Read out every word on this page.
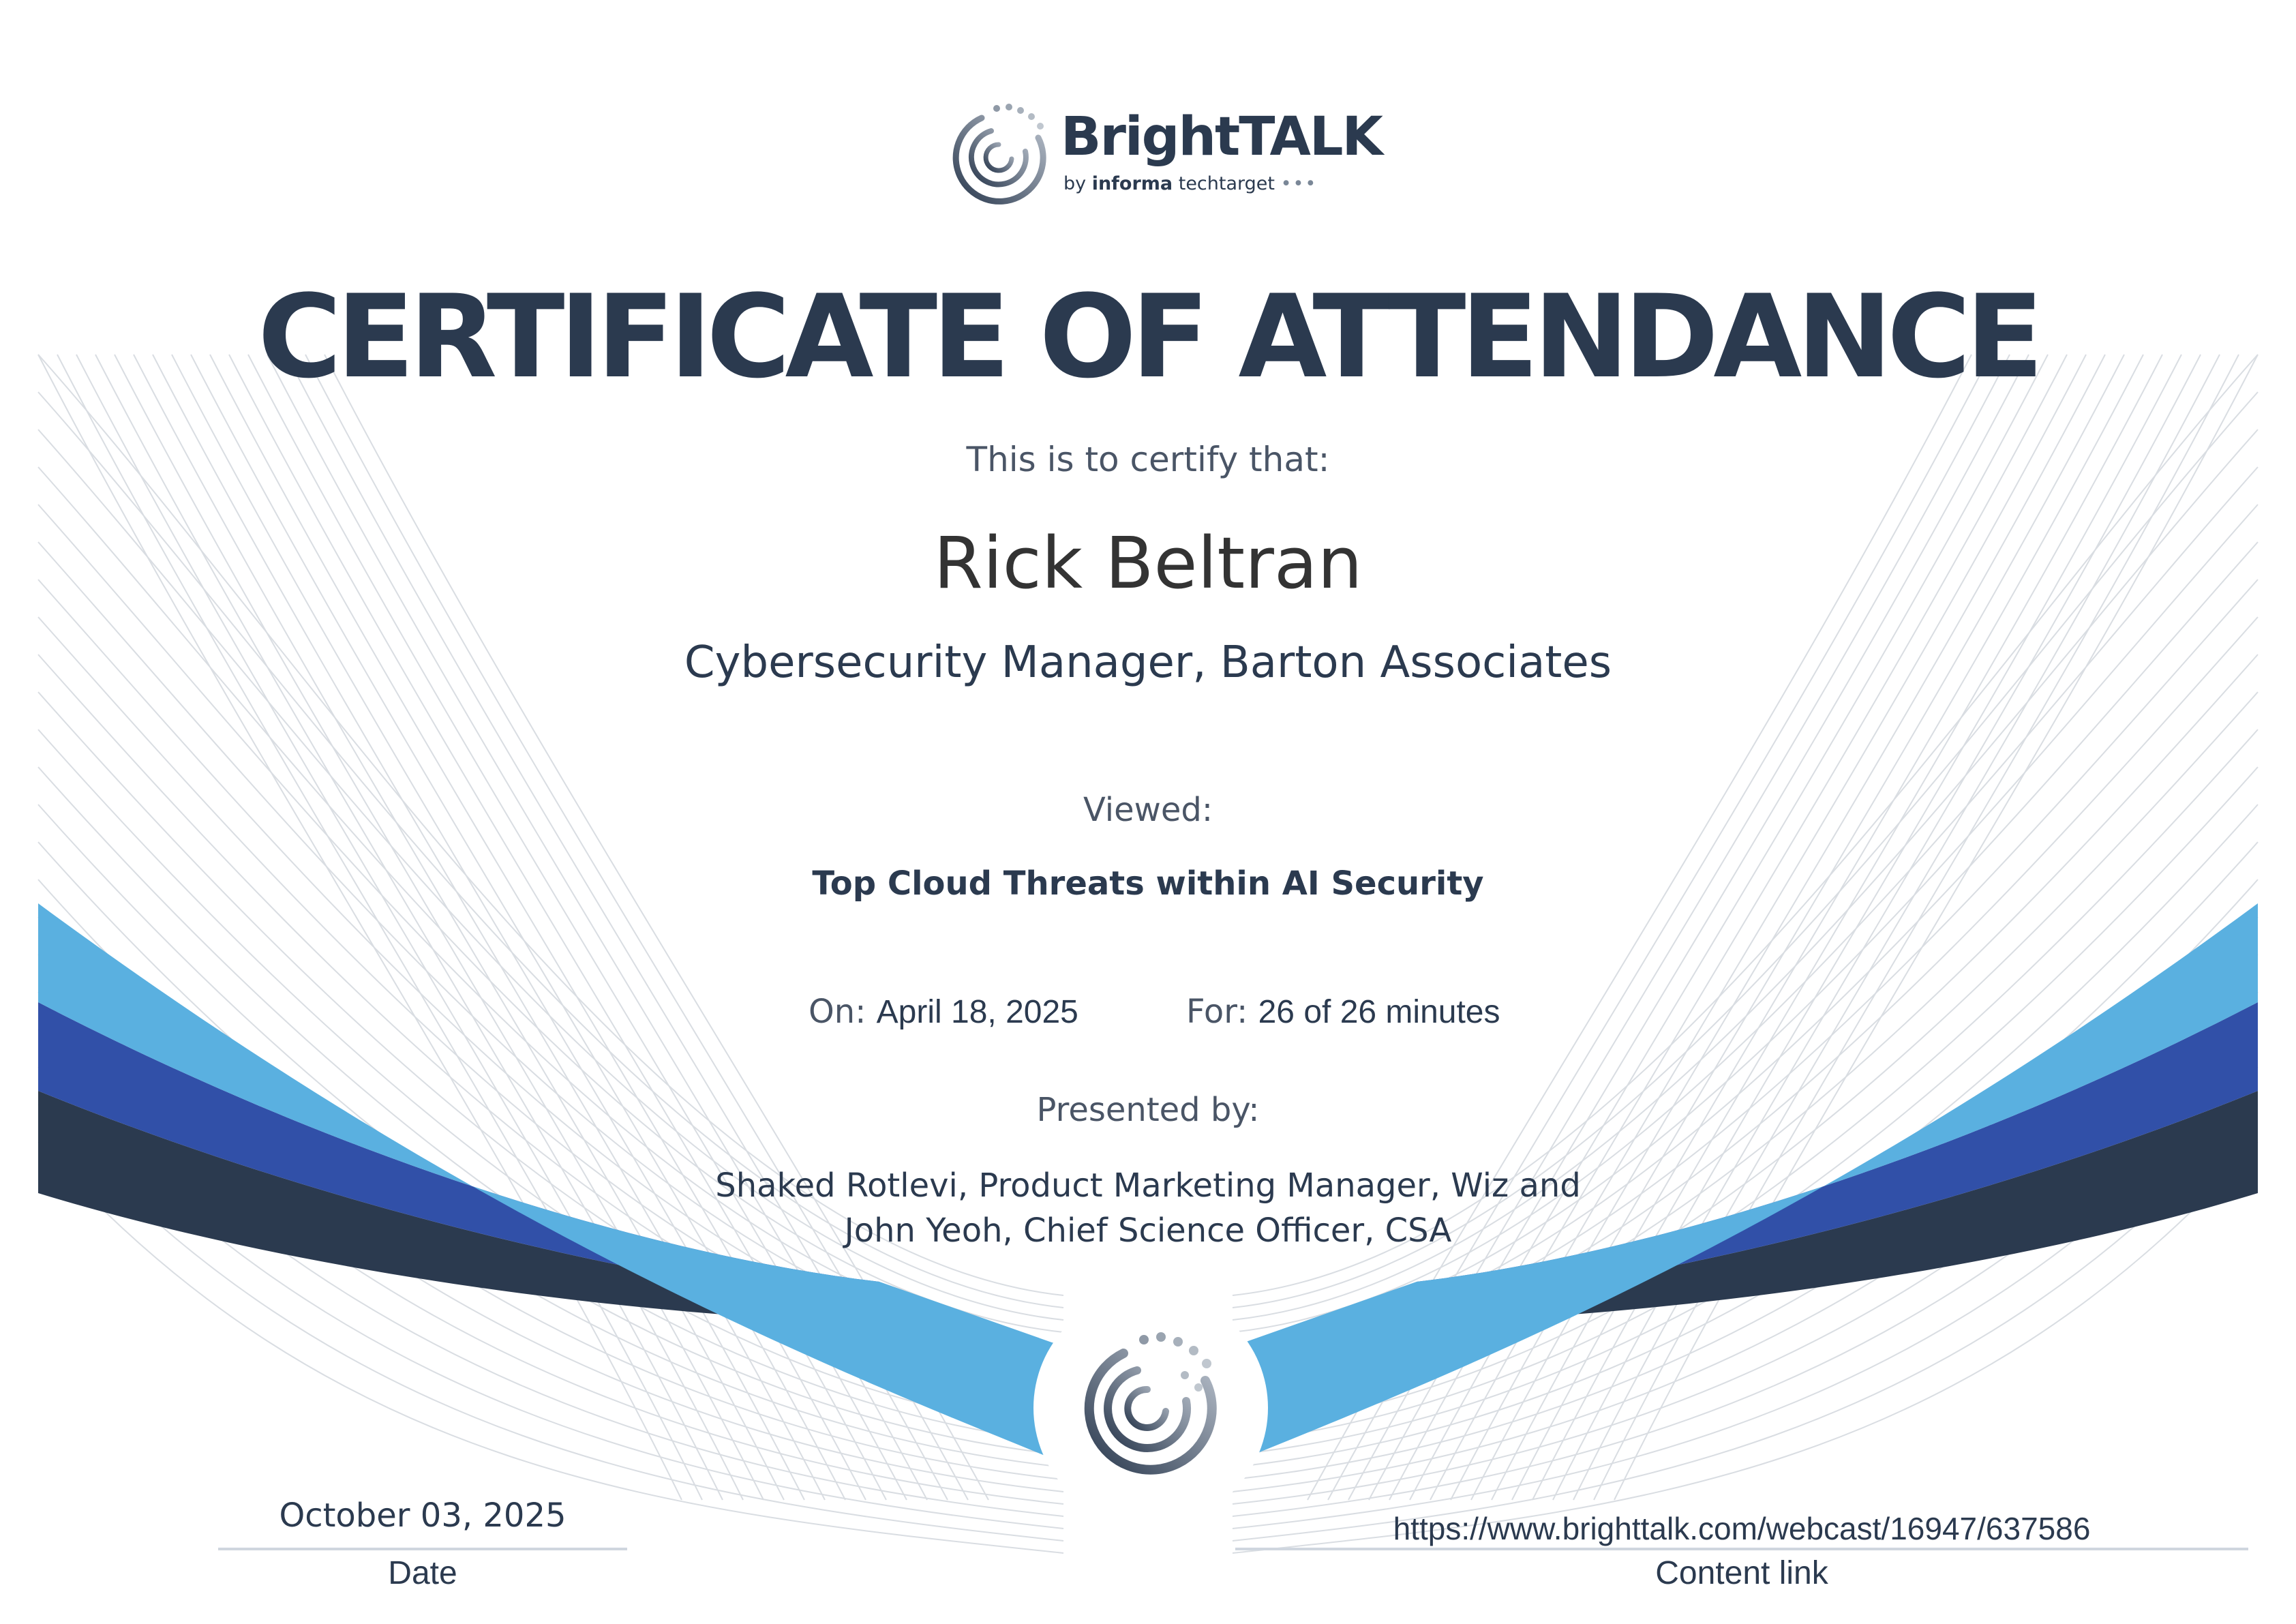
BrightTALK
by informa techtarget •••
CERTIFICATE OF ATTENDANCE
This is to certify that:
Rick Beltran
Cybersecurity Manager, Barton Associates
Viewed:
Top Cloud Threats within AI Security
On: April 18, 2025	For: 26 of 26 minutes
Presented by:
Shaked Rotlevi, Product Marketing Manager, Wiz and John Yeoh, Chief Science Officer, CSA
October 03, 2025
Date
https://www.brighttalk.com/webcast/16947/637586
Content link
